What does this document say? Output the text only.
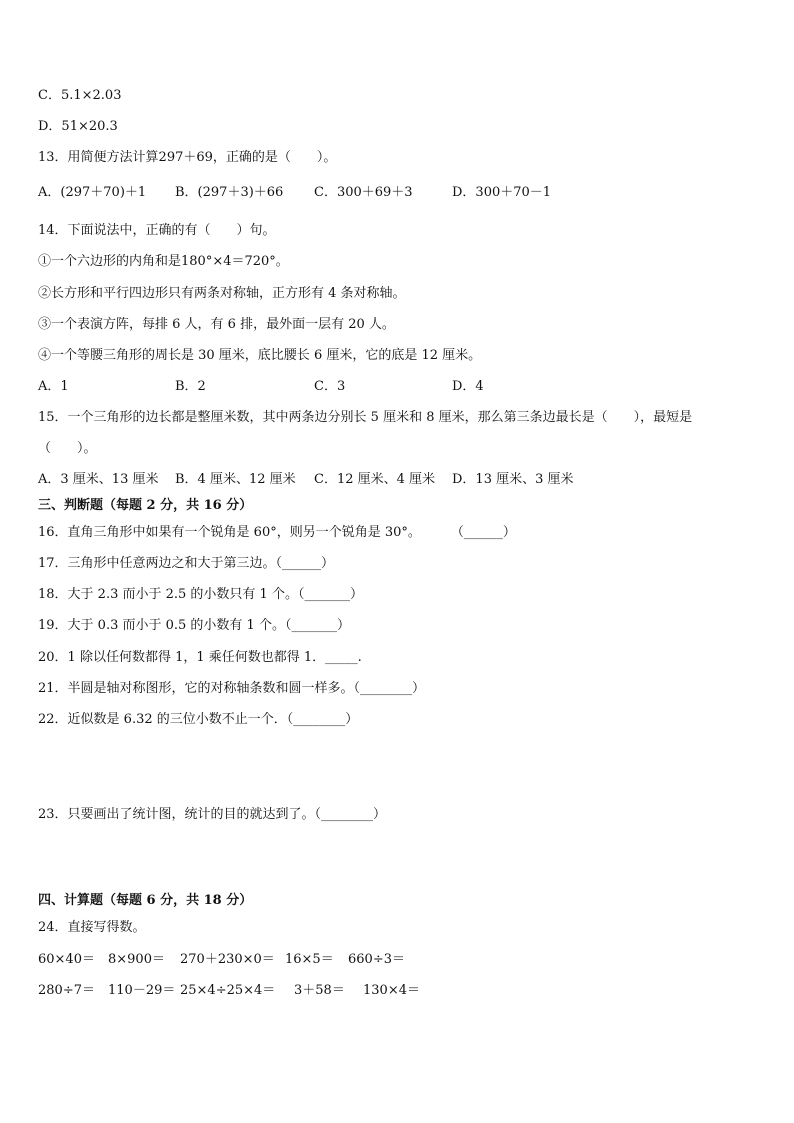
C．5.1×2.03
D．51×20.3
13．用简便方法计算297＋69，正确的是（　　）。
A．(297＋70)＋1 B．(297＋3)＋66 C．300＋69＋3	D．300＋70－1
14．下面说法中，正确的有（　　）句。
①一个六边形的内角和是180°×4＝720°。
②长方形和平行四边形只有两条对称轴，正方形有 4 条对称轴。
③一个表演方阵，每排 6 人，有 6 排，最外面一层有 20 人。
④一个等腰三角形的周长是 30 厘米，底比腰长 6 厘米，它的底是 12 厘米。
A．1	B．2	C．3	D．4
15．一个三角形的边长都是整厘米数，其中两条边分别长 5 厘米和 8 厘米，那么第三条边最长是（　　），最短是
（　　）。
A．3 厘米、13 厘米 B．4 厘米、12 厘米 C．12 厘米、4 厘米 D．13 厘米、3 厘米
三、判断题（每题 2 分，共 16 分）
16．直角三角形中如果有一个锐角是 60°，则另一个锐角是 30°。 （______）
17．三角形中任意两边之和大于第三边。（______）
18．大于 2.3 而小于 2.5 的小数只有 1 个。（_______）
19．大于 0.3 而小于 0.5 的小数有 1 个。（_______）
20．1 除以任何数都得 1，1 乘任何数也都得 1．_____.
21．半圆是轴对称图形，它的对称轴条数和圆一样多。（________）
22．近似数是 6.32 的三位小数不止一个．（________）
23．只要画出了统计图，统计的目的就达到了。（________）
四、计算题（每题 6 分，共 18 分）
24．直接写得数。
60×40＝ 8×900＝ 270＋230×0＝ 16×5＝ 660÷3＝
280÷7＝ 110－29＝ 25×4÷25×4＝ 3＋58＝ 130×4＝
